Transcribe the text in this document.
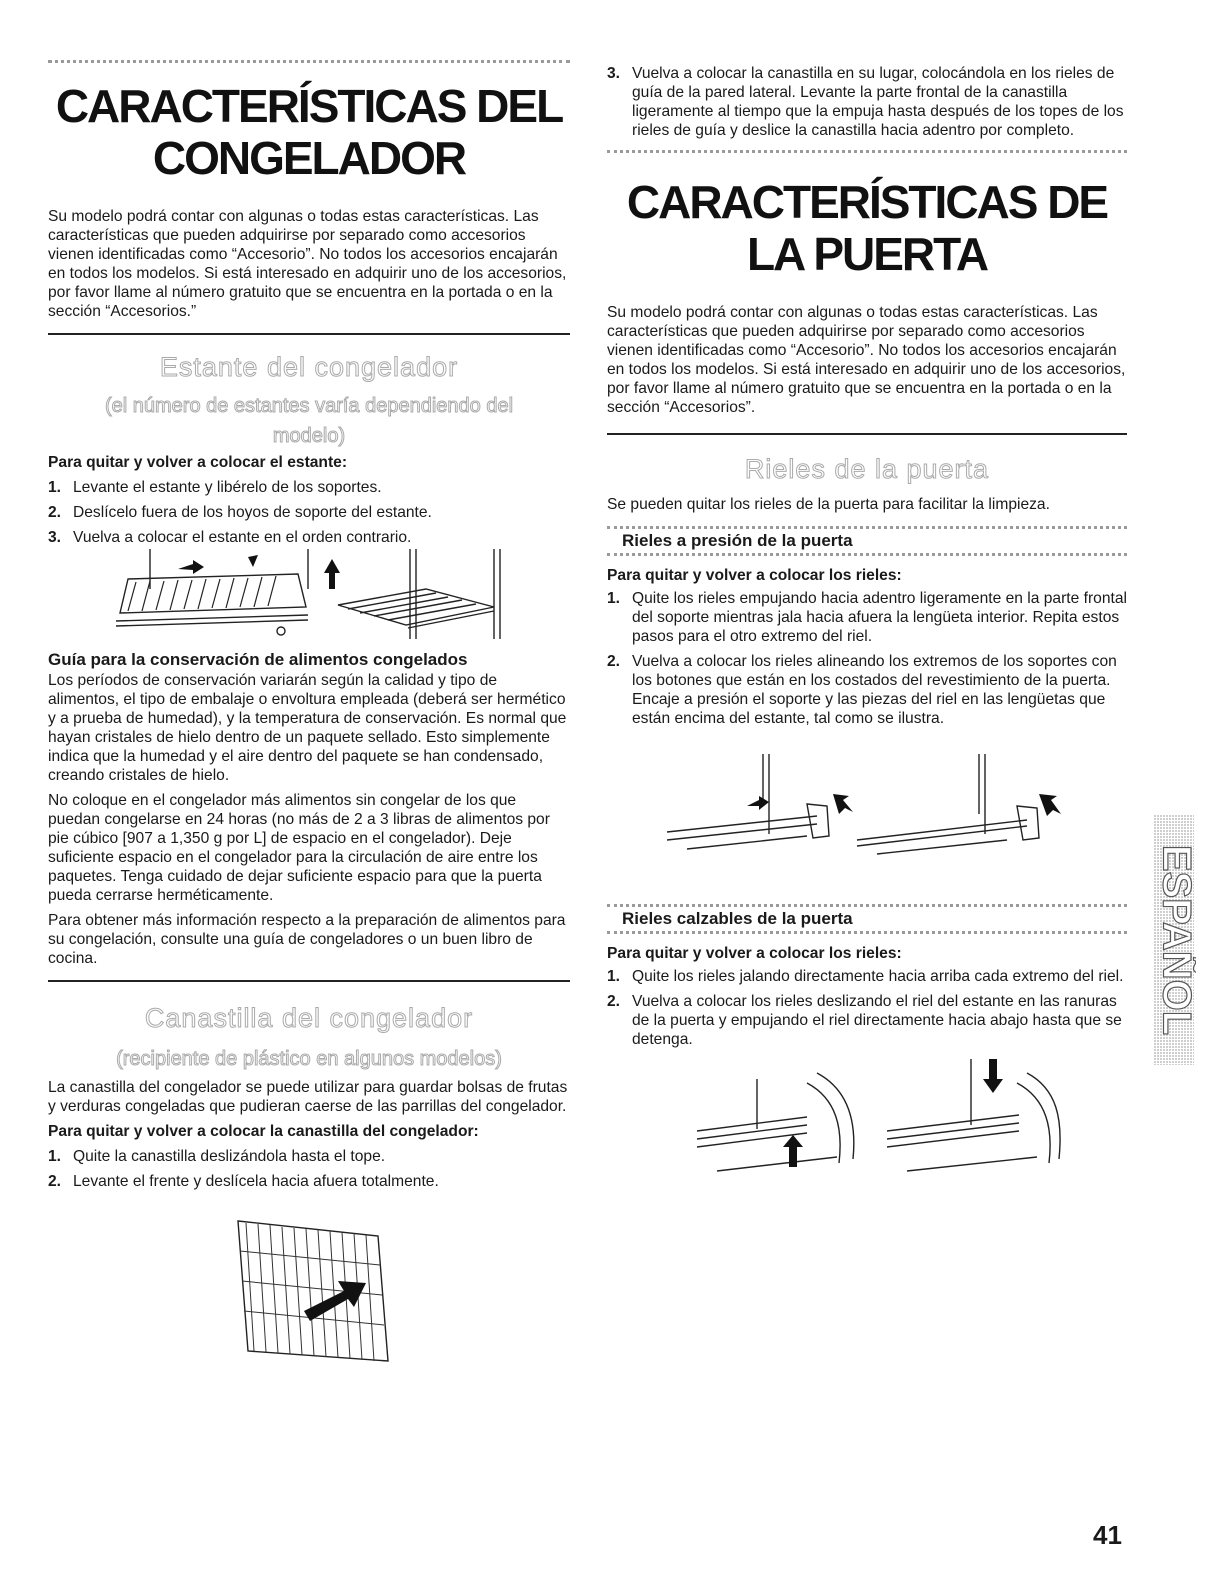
CARACTERÍSTICAS DEL
CONGELADOR

Su modelo podrá contar con algunas o todas estas características. Las características que pueden adquirirse por separado como accesorios vienen identificadas como “Accesorio”. No todos los accesorios encajarán en todos los modelos. Si está interesado en adquirir uno de los accesorios, por favor llame al número gratuito que se encuentra en la portada o en la sección “Accesorios.”

Estante del congelador

(el número de estantes varía dependiendo del modelo)

Para quitar y volver a colocar el estante:

1. Levante el estante y libérelo de los soportes.
2. Deslícelo fuera de los hoyos de soporte del estante.
3. Vuelva a colocar el estante en el orden contrario.

Guía para la conservación de alimentos congelados

Los períodos de conservación variarán según la calidad y tipo de alimentos, el tipo de embalaje o envoltura empleada (deberá ser hermético y a prueba de humedad), y la temperatura de conservación. Es normal que hayan cristales de hielo dentro de un paquete sellado. Esto simplemente indica que la humedad y el aire dentro del paquete se han condensado, creando cristales de hielo.

No coloque en el congelador más alimentos sin congelar de los que puedan congelarse en 24 horas (no más de 2 a 3 libras de alimentos por pie cúbico [907 a 1,350 g por L] de espacio en el congelador). Deje suficiente espacio en el congelador para la circulación de aire entre los paquetes. Tenga cuidado de dejar suficiente espacio para que la puerta pueda cerrarse herméticamente.

Para obtener más información respecto a la preparación de alimentos para su congelación, consulte una guía de congeladores o un buen libro de cocina.

Canastilla del congelador

(recipiente de plástico en algunos modelos)

La canastilla del congelador se puede utilizar para guardar bolsas de frutas y verduras congeladas que pudieran caerse de las parrillas del congelador.

Para quitar y volver a colocar la canastilla del congelador:

1. Quite la canastilla deslizándola hasta el tope.
2. Levante el frente y deslícela hacia afuera totalmente.
3. Vuelva a colocar la canastilla en su lugar, colocándola en los rieles de guía de la pared lateral. Levante la parte frontal de la canastilla ligeramente al tiempo que la empuja hasta después de los topes de los rieles de guía y deslice la canastilla hacia adentro por completo.
CARACTERÍSTICAS DE
LA PUERTA

Su modelo podrá contar con algunas o todas estas características. Las características que pueden adquirirse por separado como accesorios vienen identificadas como “Accesorio”. No todos los accesorios encajarán en todos los modelos. Si está interesado en adquirir uno de los accesorios, por favor llame al número gratuito que se encuentra en la portada o en la sección “Accesorios”.

Rieles de la puerta

Se pueden quitar los rieles de la puerta para facilitar la limpieza.

Rieles a presión de la puerta

Para quitar y volver a colocar los rieles:

1. Quite los rieles empujando hacia adentro ligeramente en la parte frontal del soporte mientras jala hacia afuera la lengüeta interior. Repita estos pasos para el otro extremo del riel.
2. Vuelva a colocar los rieles alineando los extremos de los soportes con los botones que están en los costados del revestimiento de la puerta. Encaje a presión el soporte y las piezas del riel en las lengüetas que están encima del estante, tal como se ilustra.
Rieles calzables de la puerta

Para quitar y volver a colocar los rieles:

1. Quite los rieles jalando directamente hacia arriba cada extremo del riel.
2. Vuelva a colocar los rieles deslizando el riel del estante en las ranuras de la puerta y empujando el riel directamente hacia abajo hasta que se detenga.
ESPAÑOL
41
